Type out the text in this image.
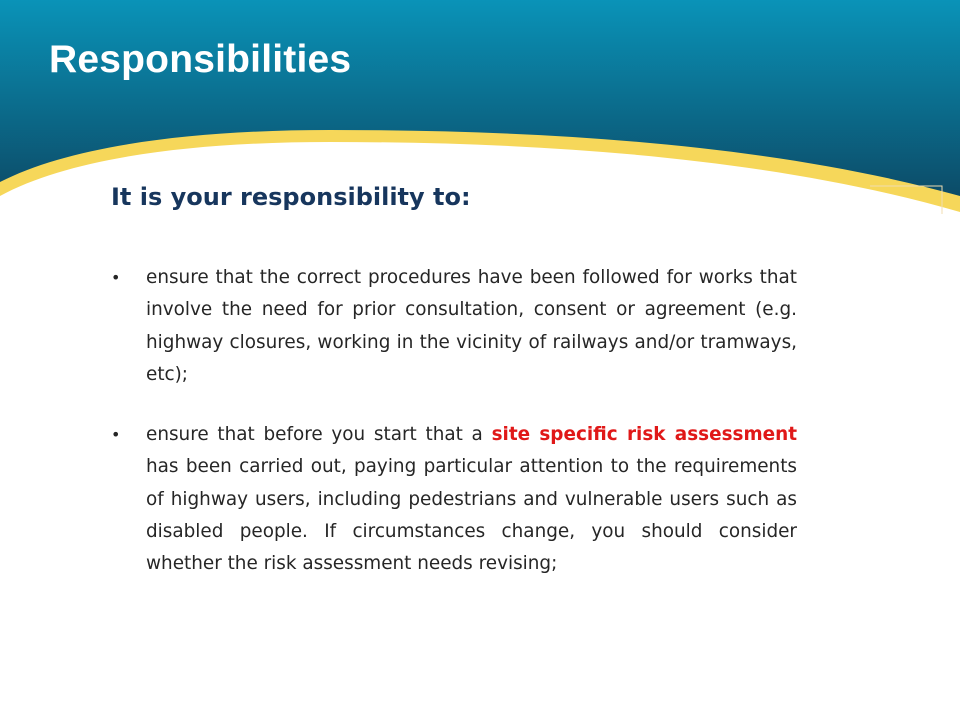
Responsibilities
It is your responsibility to:
• ensure that the correct procedures have been followed for works that involve the need for prior consultation, consent or agreement (e.g. highway closures, working in the vicinity of railways and/or tramways, etc);
• ensure that before you start that a site specific risk assessment has been carried out, paying particular attention to the requirements of highway users, including pedestrians and vulnerable users such as disabled people. If circumstances change, you should consider whether the risk assessment needs revising;
